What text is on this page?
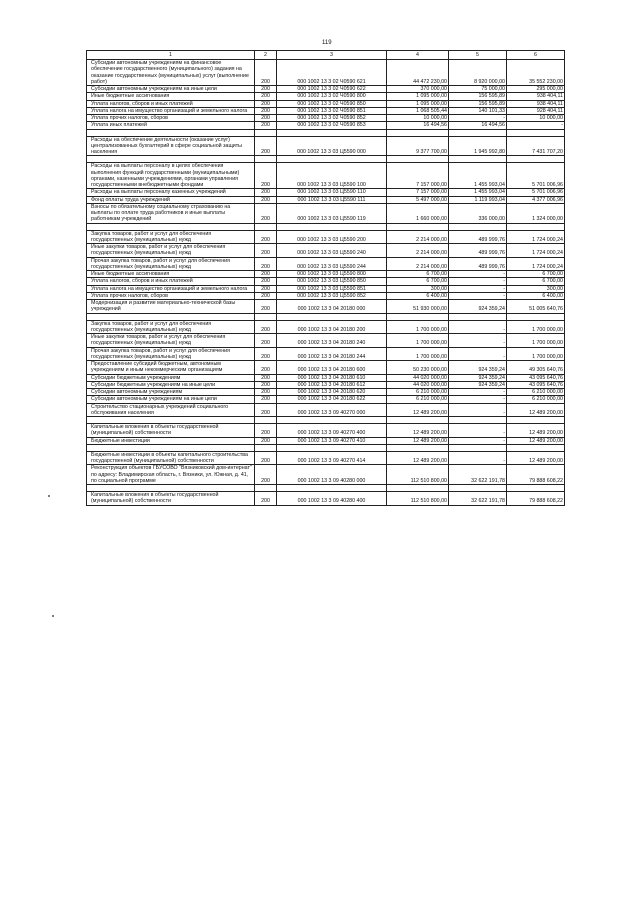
119
1	2	3	4	5	6
Субсидии автономным учреждениям на финансовое обеспечение государственного (муниципального) задания на оказание государственных (муниципальных) услуг (выполнение работ)	200	000 1002 13 3 02 Ч0590 621	44 472 230,00	8 920 000,00	35 552 230,00
Субсидии автономным учреждениям на иные цели	200	000 1002 13 3 02 Ч0590 622	370 000,00	75 000,00	295 000,00
Иные бюджетные ассигнования	200	000 1002 13 3 02 Ч0590 800	1 095 000,00	156 595,89	938 404,11
Уплата налогов, сборов и иных платежей	200	000 1002 13 3 02 Ч0590 850	1 095 000,00	156 595,89	938 404,11
Уплата налога на имущество организаций и земельного налога	200	000 1002 13 3 02 Ч0590 851	1 068 505,44	140 101,33	928 404,11
Уплата прочих налогов, сборов	200	000 1002 13 3 02 Ч0590 852	10 000,00	-	10 000,00
Уплата иных платежей	200	000 1002 13 3 02 Ч0590 853	16 494,56	16 494,56	-

Расходы на обеспечение деятельности (оказание услуг) централизованных бухгалтерий в сфере социальной защиты населения	200	000 1002 13 3 03 Ц5590 000	9 377 700,00	1 945 992,80	7 431 707,20

Расходы на выплаты персоналу в целях обеспечения выполнения функций государственными (муниципальными) органами, казенными учреждениями, органами управления государственными внебюджетными фондами	200	000 1002 13 3 03 Ц5590 100	7 157 000,00	1 455 993,04	5 701 006,96
Расходы на выплаты персоналу казенных учреждений	200	000 1002 13 3 03 Ц5590 110	7 157 000,00	1 455 993,04	5 701 006,96
Фонд оплаты труда учреждений	200	000 1002 13 3 03 Ц5590 111	5 497 000,00	1 119 993,04	4 377 006,96
Взносы по обязательному социальному страхованию на выплаты по оплате труда работников и иные выплаты работникам учреждений	200	000 1002 13 3 03 Ц5590 119	1 660 000,00	336 000,00	1 324 000,00

Закупка товаров, работ и услуг для обеспечения государственных (муниципальных) нужд	200	000 1002 13 3 03 Ц5590 200	2 214 000,00	489 999,76	1 724 000,24
Иные закупки товаров, работ и услуг для обеспечения государственных (муниципальных) нужд	200	000 1002 13 3 03 Ц5590 240	2 214 000,00	489 999,76	1 724 000,24
Прочая закупка товаров, работ и услуг для обеспечения государственных (муниципальных) нужд	200	000 1002 13 3 03 Ц5590 244	2 214 000,00	489 999,76	1 724 000,24
Иные бюджетные ассигнования	200	000 1002 13 3 03 Ц5590 800	6 700,00	-	6 700,00
Уплата налогов, сборов и иных платежей	200	000 1002 13 3 03 Ц5590 850	6 700,00	-	6 700,00
Уплата налога на имущество организаций и земельного налога	200	000 1002 13 3 03 Ц5590 851	300,00	-	300,00
Уплата прочих налогов, сборов	200	000 1002 13 3 03 Ц5590 852	6 400,00	-	6 400,00
Модернизация и развитие материально-технической базы учреждений	200	000 1002 13 3 04 20180 000	51 930 000,00	924 359,24	51 005 640,76

Закупка товаров, работ и услуг для обеспечения государственных (муниципальных) нужд	200	000 1002 13 3 04 20180 200	1 700 000,00	-	1 700 000,00
Иные закупки товаров, работ и услуг для обеспечения государственных (муниципальных) нужд	200	000 1002 13 3 04 20180 240	1 700 000,00	-	1 700 000,00
Прочая закупка товаров, работ и услуг для обеспечения государственных (муниципальных) нужд	200	000 1002 13 3 04 20180 244	1 700 000,00	-	1 700 000,00
Предоставление субсидий бюджетным, автономным учреждениям и иным некоммерческим организациям	200	000 1002 13 3 04 20180 600	50 230 000,00	924 359,24	49 305 640,76
Субсидии бюджетным учреждениям	200	000 1002 13 3 04 20180 610	44 020 000,00	924 359,24	43 095 640,76
Субсидии бюджетным учреждениям на иные цели	200	000 1002 13 3 04 20180 612	44 020 000,00	924 359,24	43 095 640,76
Субсидии автономным учреждениям	200	000 1002 13 3 04 20180 620	6 210 000,00	-	6 210 000,00
Субсидии автономным учреждениям на иные цели	200	000 1002 13 3 04 20180 622	6 210 000,00	-	6 210 000,00
Строительство стационарных учреждений социального обслуживания населения	200	000 1002 13 3 09 40270 000	12 489 200,00	-	12 489 200,00

Капитальные вложения в объекты государственной (муниципальной) собственности	200	000 1002 13 3 09 40270 400	12 489 200,00	-	12 489 200,00
Бюджетные инвестиции	200	000 1002 13 3 09 40270 410	12 489 200,00	-	12 489 200,00

Бюджетные инвестиции в объекты капитального строительства государственной (муниципальной) собственности	200	000 1002 13 3 09 40270 414	12 489 200,00	-	12 489 200,00
Реконструкция объектов ГБУСОВО "Вязниковский дом-интернат" по адресу: Владимирская область, г. Вязники, ул. Южная, д. 41, по социальной программе	200	000 1002 13 3 09 40280 000	112 510 800,00	32 622 191,78	79 888 608,22

Капитальные вложения в объекты государственной (муниципальной) собственности	200	000 1002 13 3 09 40280 400	112 510 800,00	32 622 191,78	79 888 608,22
